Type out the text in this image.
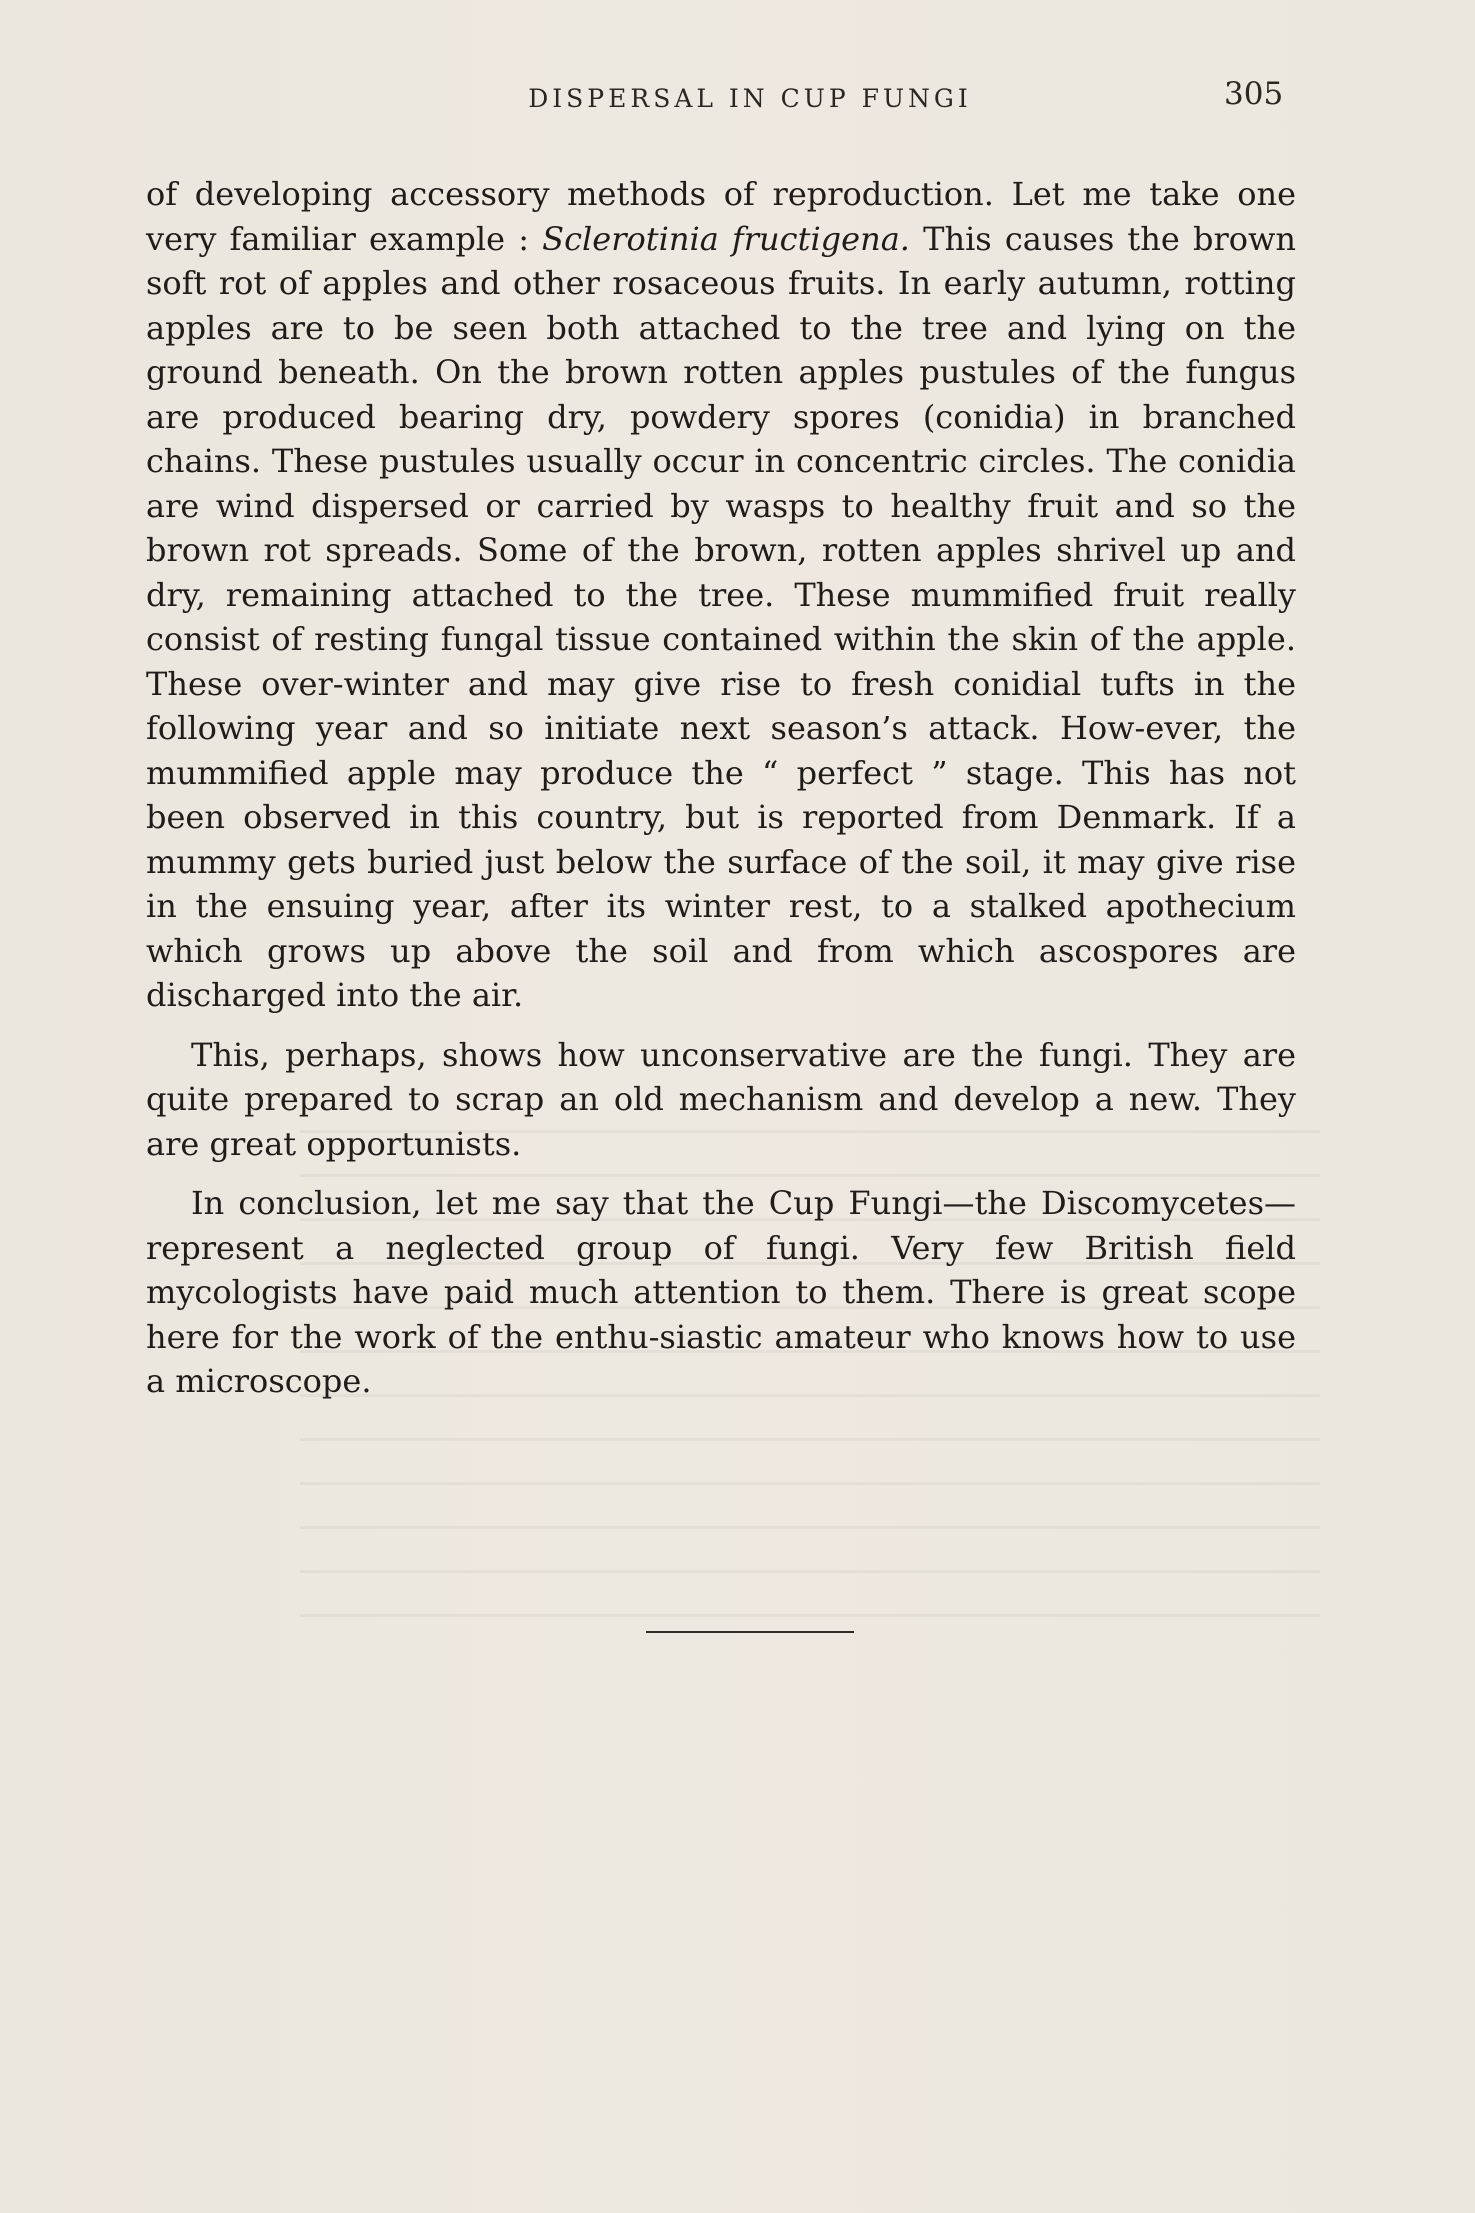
DISPERSAL IN CUP FUNGI	305

of developing accessory methods of reproduction. Let me take one very familiar example : Sclerotinia fructigena. This causes the brown soft rot of apples and other rosaceous fruits. In early autumn, rotting apples are to be seen both attached to the tree and lying on the ground beneath. On the brown rotten apples pustules of the fungus are produced bearing dry, powdery spores (conidia) in branched chains. These pustules usually occur in concentric circles. The conidia are wind dispersed or carried by wasps to healthy fruit and so the brown rot spreads. Some of the brown, rotten apples shrivel up and dry, remaining attached to the tree. These mummified fruit really consist of resting fungal tissue contained within the skin of the apple. These over-winter and may give rise to fresh conidial tufts in the following year and so initiate next season’s attack. How-ever, the mummified apple may produce the “ perfect ” stage. This has not been observed in this country, but is reported from Denmark. If a mummy gets buried just below the surface of the soil, it may give rise in the ensuing year, after its winter rest, to a stalked apothecium which grows up above the soil and from which ascospores are discharged into the air.

This, perhaps, shows how unconservative are the fungi. They are quite prepared to scrap an old mechanism and develop a new. They are great opportunists.

In conclusion, let me say that the Cup Fungi—the Discomycetes—represent a neglected group of fungi. Very few British field mycologists have paid much attention to them. There is great scope here for the work of the enthu-siastic amateur who knows how to use a microscope.
